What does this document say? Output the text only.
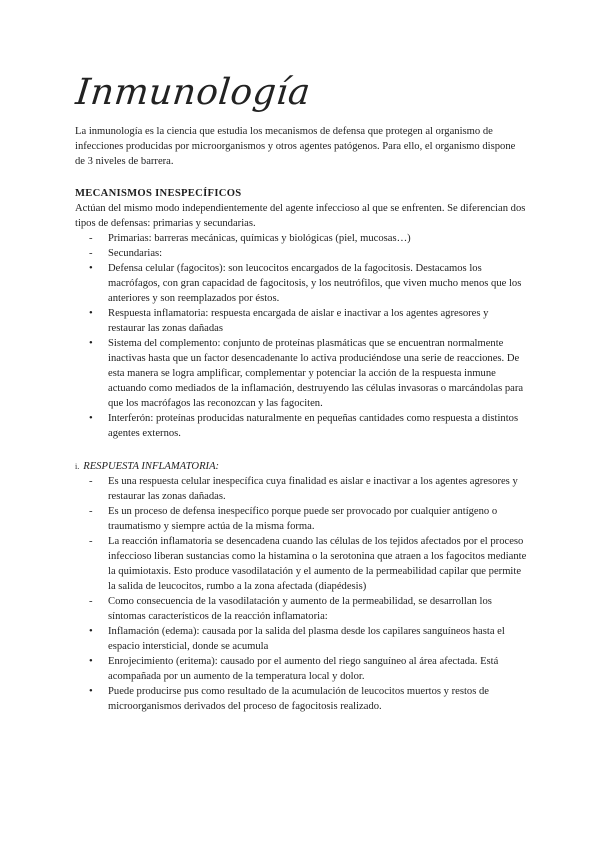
Inmunología

La inmunología es la ciencia que estudia los mecanismos de defensa que protegen al organismo de infecciones producidas por microorganismos y otros agentes patógenos. Para ello, el organismo dispone de 3 niveles de barrera.

MECANISMOS INESPECÍFICOS

Actúan del mismo modo independientemente del agente infeccioso al que se enfrenten. Se diferencian dos tipos de defensas: primarias y secundarias.

-	Primarias: barreras mecánicas, químicas y biológicas (piel, mucosas…)
-	Secundarias:
•	Defensa celular (fagocitos): son leucocitos encargados de la fagocitosis. Destacamos los macrófagos, con gran capacidad de fagocitosis, y los neutrófilos, que viven mucho menos que los anteriores y son reemplazados por éstos.
•	Respuesta inflamatoria: respuesta encargada de aislar e inactivar a los agentes agresores y restaurar las zonas dañadas
•	Sistema del complemento: conjunto de proteínas plasmáticas que se encuentran normalmente inactivas hasta que un factor desencadenante lo activa produciéndose una serie de reacciones. De esta manera se logra amplificar, complementar y potenciar la acción de la respuesta inmune actuando como mediados de la inflamación, destruyendo las células invasoras o marcándolas para que los macrófagos las reconozcan y las fagociten.
•	Interferón: proteínas producidas naturalmente en pequeñas cantidades como respuesta a distintos agentes externos.

i. RESPUESTA INFLAMATORIA:

-	Es una respuesta celular inespecífica cuya finalidad es aislar e inactivar a los agentes agresores y restaurar las zonas dañadas.
-	Es un proceso de defensa inespecífico porque puede ser provocado por cualquier antígeno o traumatismo y siempre actúa de la misma forma.
-	La reacción inflamatoria se desencadena cuando las células de los tejidos afectados por el proceso infeccioso liberan sustancias como la histamina o la serotonina que atraen a los fagocitos mediante la quimiotaxis. Esto produce vasodilatación y el aumento de la permeabilidad capilar que permite la salida de leucocitos, rumbo a la zona afectada (diapédesis)
-	Como consecuencia de la vasodilatación y aumento de la permeabilidad, se desarrollan los síntomas característicos de la reacción inflamatoria:
•	Inflamación (edema): causada por la salida del plasma desde los capilares sanguíneos hasta el espacio intersticial, donde se acumula
•	Enrojecimiento (eritema): causado por el aumento del riego sanguíneo al área afectada. Está acompañada por un aumento de la temperatura local y dolor.
•	Puede producirse pus como resultado de la acumulación de leucocitos muertos y restos de microorganismos derivados del proceso de fagocitosis realizado.
